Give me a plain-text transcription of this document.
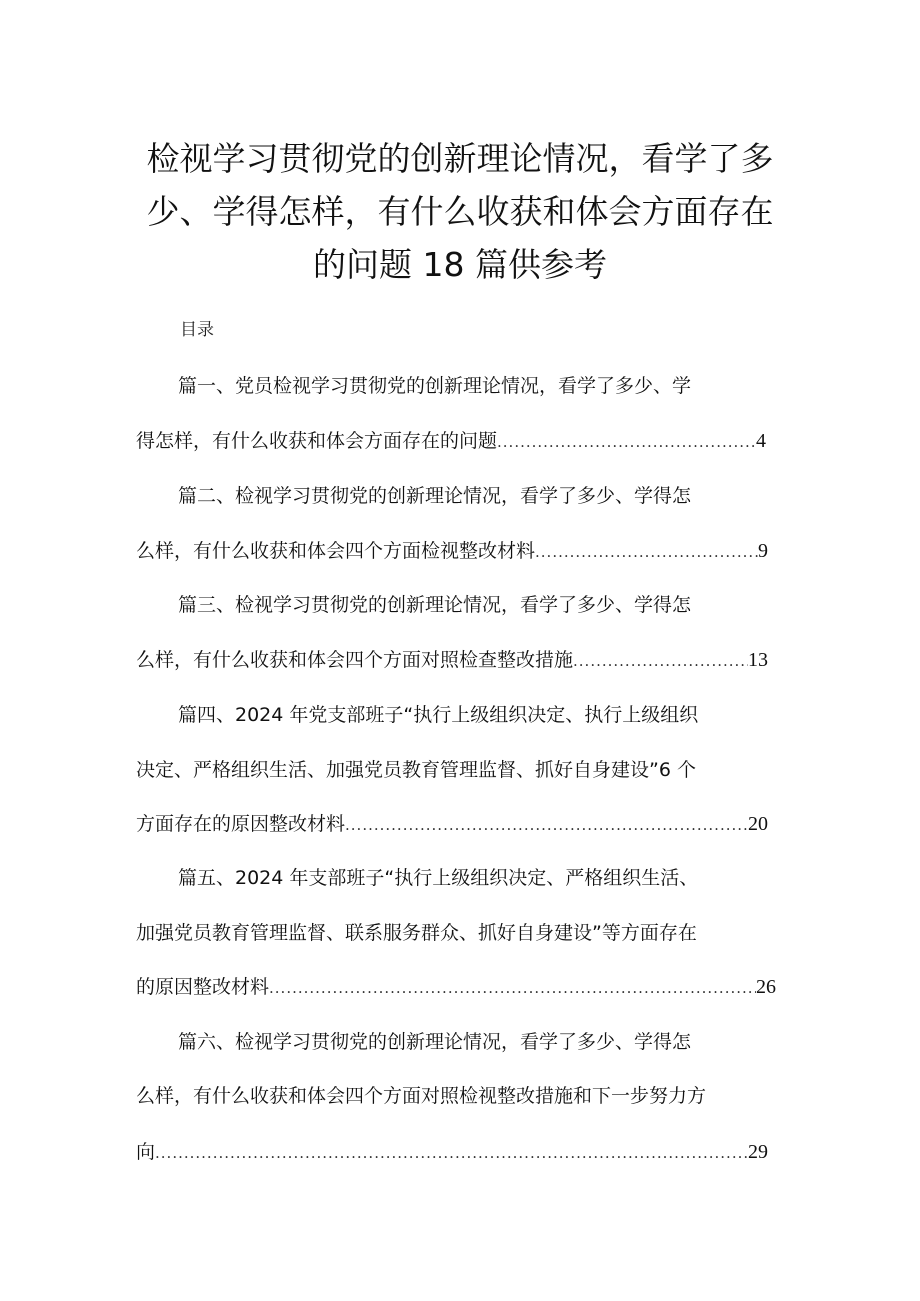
检视学习贯彻党的创新理论情况，看学了多
少、学得怎样，有什么收获和体会方面存在
的问题 18 篇供参考
目录
篇一、党员检视学习贯彻党的创新理论情况，看学了多少、学
得怎样，有什么收获和体会方面存在的问题 .....	4
篇二、检视学习贯彻党的创新理论情况，看学了多少、学得怎
么样，有什么收获和体会四个方面检视整改材料 .....	9
篇三、检视学习贯彻党的创新理论情况，看学了多少、学得怎
么样，有什么收获和体会四个方面对照检查整改措施 .....	13
篇四、2024 年党支部班子“执行上级组织决定、执行上级组织
决定、严格组织生活、加强党员教育管理监督、抓好自身建设”6 个
方面存在的原因整改材料 .....	20
篇五、2024 年支部班子“执行上级组织决定、严格组织生活、
加强党员教育管理监督、联系服务群众、抓好自身建设”等方面存在
的原因整改材料 .....	26
篇六、检视学习贯彻党的创新理论情况，看学了多少、学得怎
么样，有什么收获和体会四个方面对照检视整改措施和下一步努力方
向 .....	29
